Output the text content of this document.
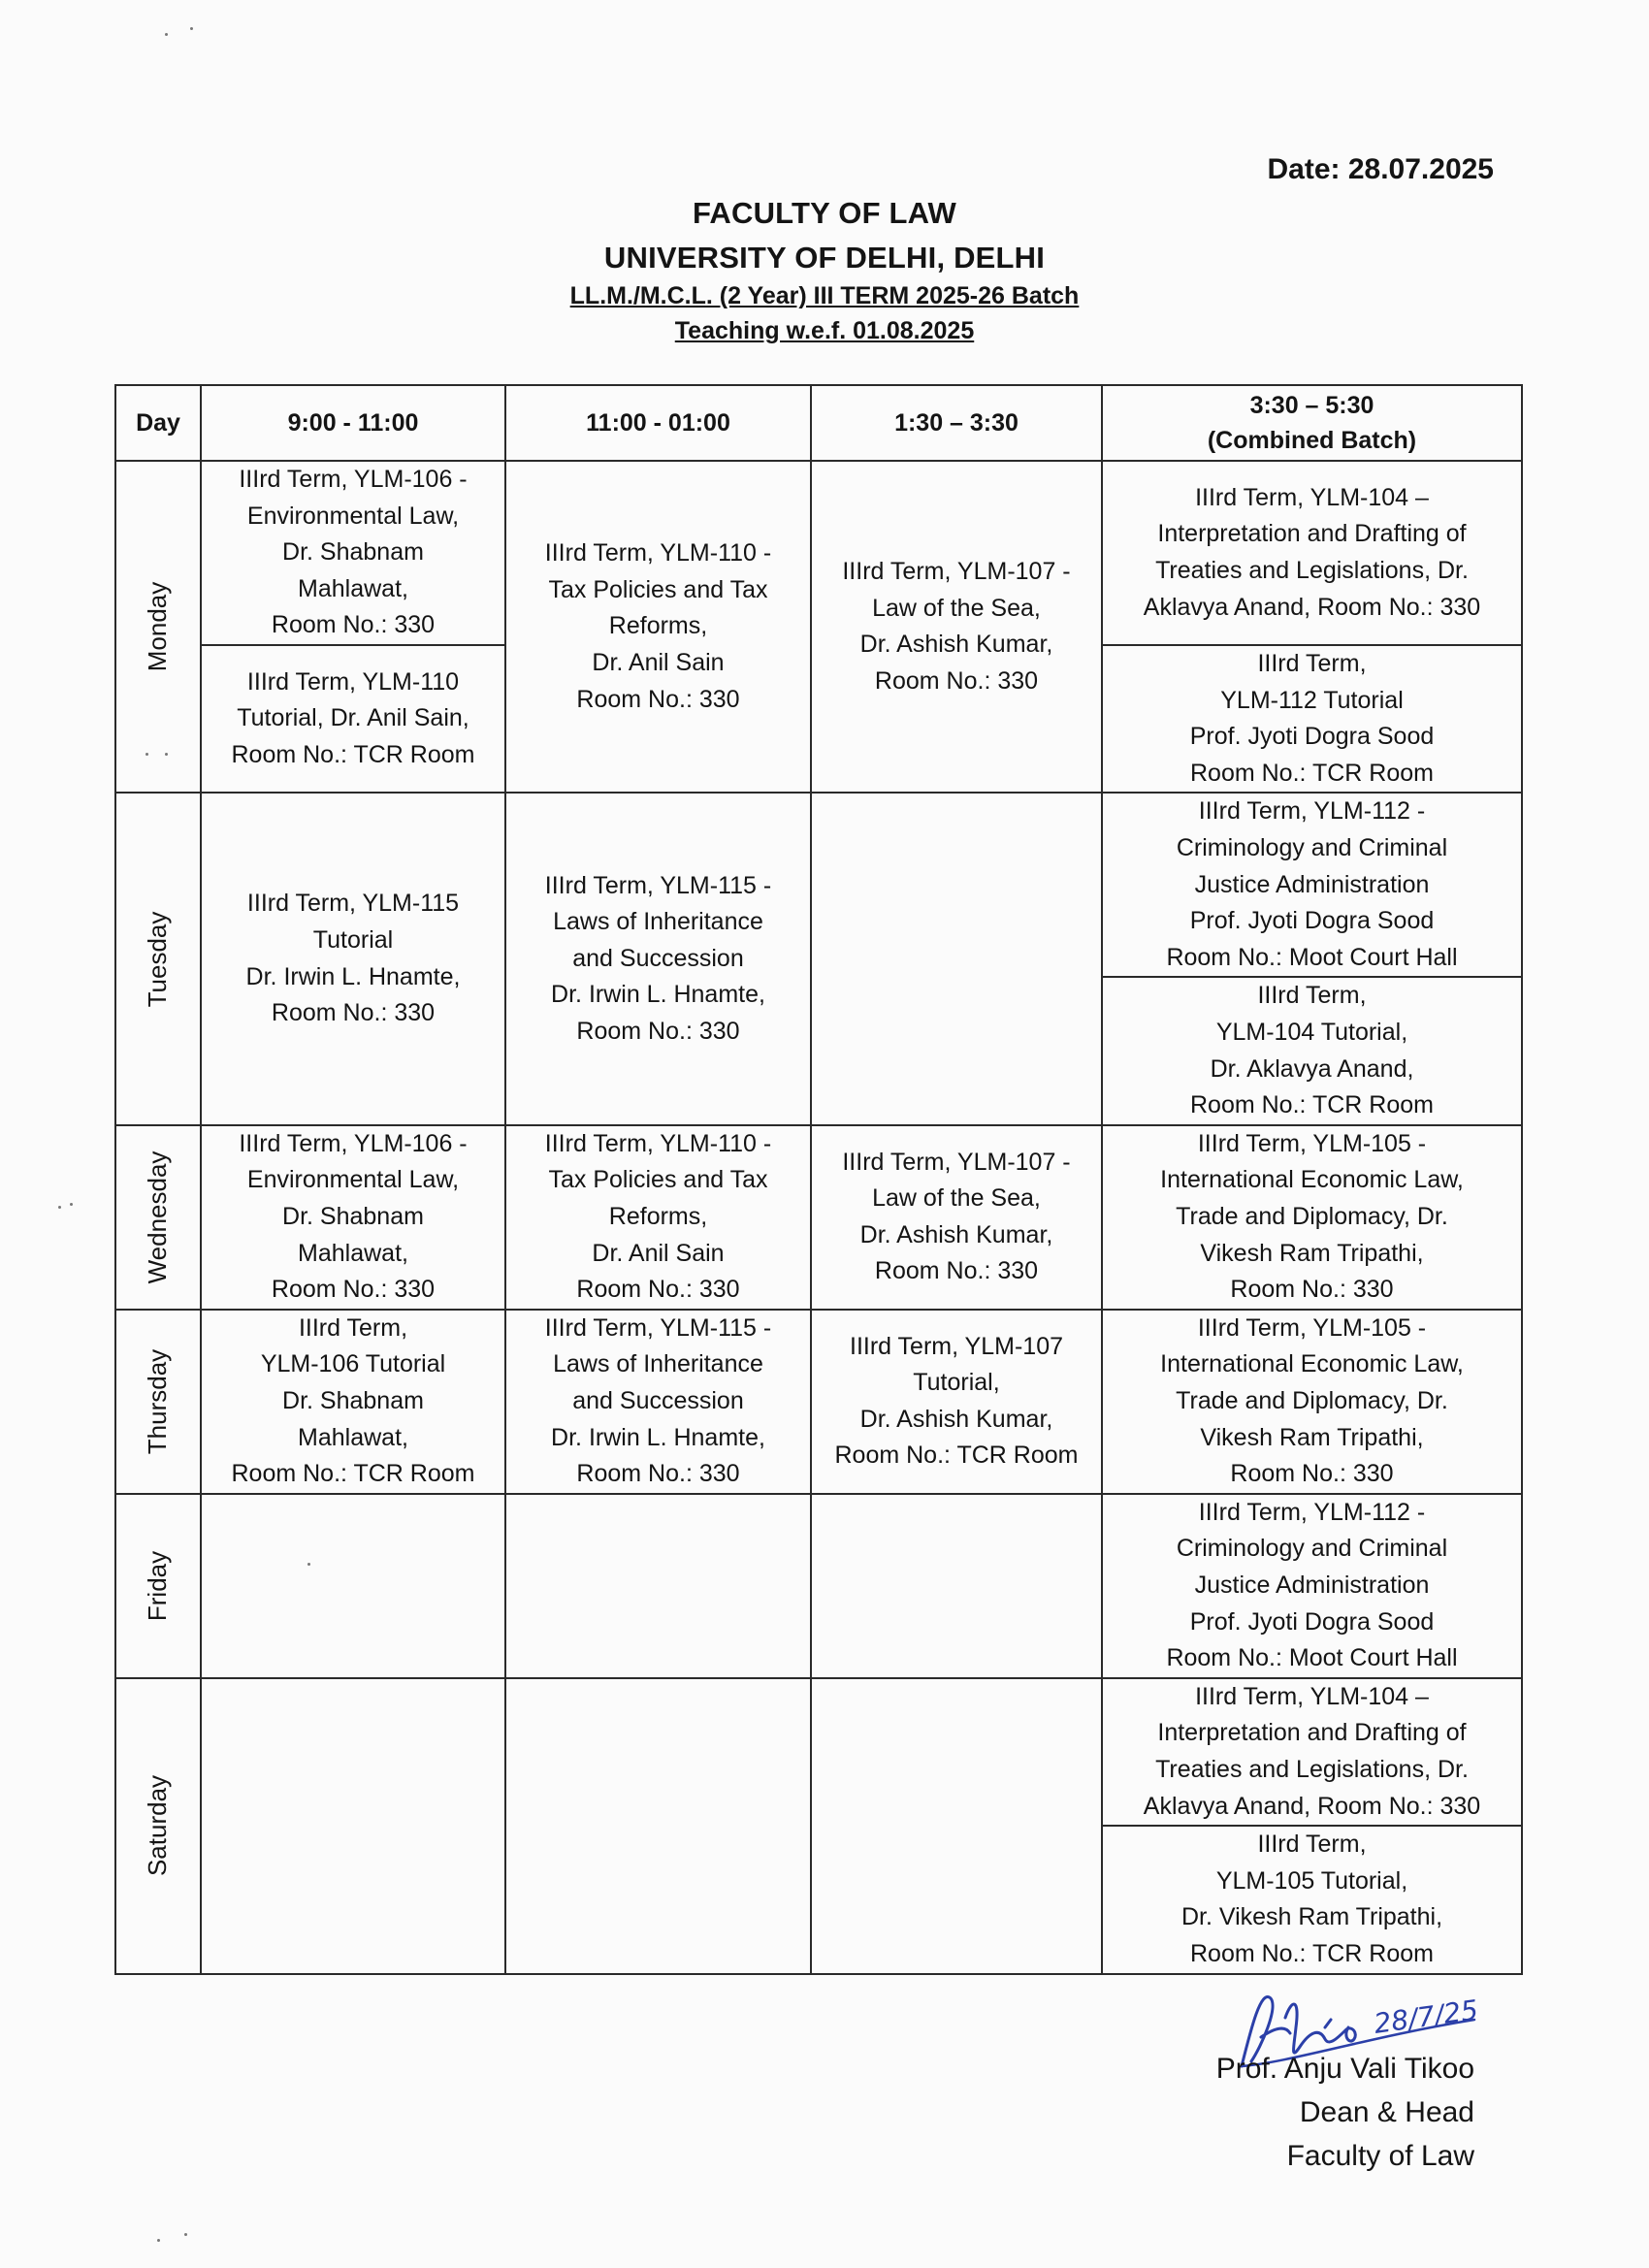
Date: 28.07.2025
FACULTY OF LAW
UNIVERSITY OF DELHI, DELHI
LL.M./M.C.L. (2 Year) III TERM 2025-26 Batch
Teaching w.e.f. 01.08.2025
Day	9:00 - 11:00	11:00 - 01:00	1:30 – 3:30	3:30 – 5:30
(Combined Batch)

Monday	IIIrd Term, YLM-106 -
Environmental Law,
Dr. Shabnam
Mahlawat,
Room No.: 330	IIIrd Term, YLM-110 -
Tax Policies and Tax
Reforms,
Dr. Anil Sain
Room No.: 330	IIIrd Term, YLM-107 -
Law of the Sea,
Dr. Ashish Kumar,
Room No.: 330	IIIrd Term, YLM-104 –
Interpretation and Drafting of
Treaties and Legislations, Dr.
Aklavya Anand, Room No.: 330

	IIIrd Term, YLM-110
Tutorial, Dr. Anil Sain,
Room No.: TCR Room			IIIrd Term,
YLM-112 Tutorial
Prof. Jyoti Dogra Sood
Room No.: TCR Room

Tuesday	IIIrd Term, YLM-115
Tutorial
Dr. Irwin L. Hnamte,
Room No.: 330	IIIrd Term, YLM-115 -
Laws of Inheritance
and Succession
Dr. Irwin L. Hnamte,
Room No.: 330		IIIrd Term, YLM-112 -
Criminology and Criminal
Justice Administration
Prof. Jyoti Dogra Sood
Room No.: Moot Court Hall

				IIIrd Term,
YLM-104 Tutorial,
Dr. Aklavya Anand,
Room No.: TCR Room

Wednesday	IIIrd Term, YLM-106 -
Environmental Law,
Dr. Shabnam
Mahlawat,
Room No.: 330	IIIrd Term, YLM-110 -
Tax Policies and Tax
Reforms,
Dr. Anil Sain
Room No.: 330	IIIrd Term, YLM-107 -
Law of the Sea,
Dr. Ashish Kumar,
Room No.: 330	IIIrd Term, YLM-105 -
International Economic Law,
Trade and Diplomacy, Dr.
Vikesh Ram Tripathi,
Room No.: 330

Thursday	IIIrd Term,
YLM-106 Tutorial
Dr. Shabnam
Mahlawat,
Room No.: TCR Room	IIIrd Term, YLM-115 -
Laws of Inheritance
and Succession
Dr. Irwin L. Hnamte,
Room No.: 330	IIIrd Term, YLM-107
Tutorial,
Dr. Ashish Kumar,
Room No.: TCR Room	IIIrd Term, YLM-105 -
International Economic Law,
Trade and Diplomacy, Dr.
Vikesh Ram Tripathi,
Room No.: 330

Friday				IIIrd Term, YLM-112 -
Criminology and Criminal
Justice Administration
Prof. Jyoti Dogra Sood
Room No.: Moot Court Hall

Saturday				IIIrd Term, YLM-104 –
Interpretation and Drafting of
Treaties and Legislations, Dr.
Aklavya Anand, Room No.: 330

				IIIrd Term,
YLM-105 Tutorial,
Dr. Vikesh Ram Tripathi,
Room No.: TCR Room
28/7/25
Prof. Anju Vali Tikoo
Dean & Head
Faculty of Law
